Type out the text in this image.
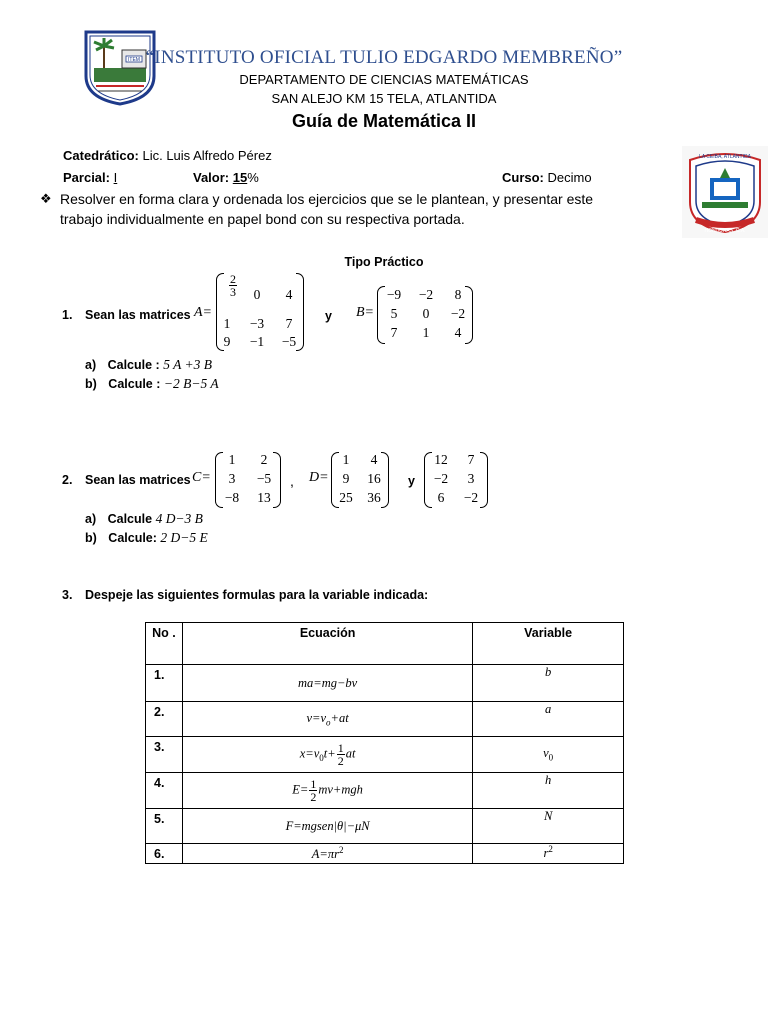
ITEM
LA CEIBA, ATLANTIDA
HONDURAS, C.A.
“INSTITUTO OFICIAL TULIO EDGARDO MEMBREÑO”
DEPARTAMENTO DE CIENCIAS MATEMÁTICAS
SAN ALEJO KM 15 TELA, ATLANTIDA
Guía de Matemática II
Catedrático: Lic. Luis Alfredo Pérez
Parcial: I	Valor: 15%	Curso: Decimo
❖ Resolver en forma clara y ordenada los ejercicios que se le plantean, y presentar este
trabajo individualmente en papel bond con su respectiva portada.
Tipo Práctico
1. Sean las matrices A=
$\frac{2}{3}$	0	4
1	−3	7
9	−1	−5
y B=
−9	−2	8
5	0	−2
7	1	4
a) Calcule : 5 A +3 B
b) Calcule : −2 B−5 A
2. Sean las matrices C=
1	2
3	−5
−8	13
, D=
1	4
9	16
25	36
y
12	7
−2	3
6	−2
a) Calcule 4 D−3 B
b) Calcule: 2 D−5 E
3. Despeje las siguientes formulas para la variable indicada:
No .	Ecuación	Variable
1.	ma=mg−bv	b
2.	$v=v_o+at$	a
3.	$x=v_0t+ \frac{1}{2}$ at	$v_0$
4.	$E= \frac{1}{2} mv+mgh$	h
5.	F=mgsen|θ|−μN	N
6.	$A=\pi r^2$	$r^2$
